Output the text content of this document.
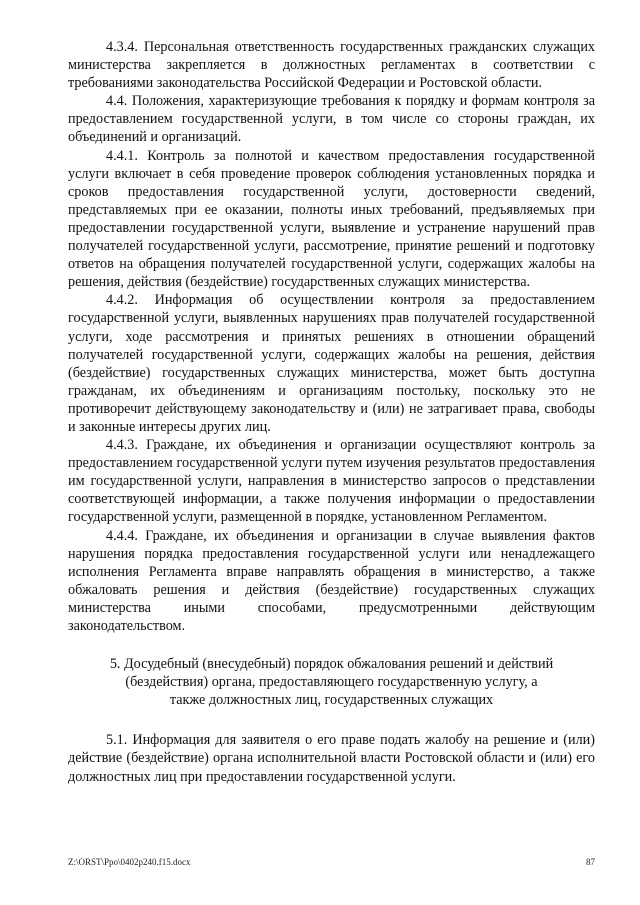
4.3.4. Персональная ответственность государственных гражданских служащих министерства закрепляется в должностных регламентах в соответствии с требованиями законодательства Российской Федерации и Ростовской области.

4.4. Положения, характеризующие требования к порядку и формам контроля за предоставлением государственной услуги, в том числе со стороны граждан, их объединений и организаций.

4.4.1. Контроль за полнотой и качеством предоставления государственной услуги включает в себя проведение проверок соблюдения установленных порядка и сроков предоставления государственной услуги, достоверности сведений, представляемых при ее оказании, полноты иных требований, предъявляемых при предоставлении государственной услуги, выявление и устранение нарушений прав получателей государственной услуги, рассмотрение, принятие решений и подготовку ответов на обращения получателей государственной услуги, содержащих жалобы на решения, действия (бездействие) государственных служащих министерства.

4.4.2. Информация об осуществлении контроля за предоставлением государственной услуги, выявленных нарушениях прав получателей государственной услуги, ходе рассмотрения и принятых решениях в отношении обращений получателей государственной услуги, содержащих жалобы на решения, действия (бездействие) государственных служащих министерства, может быть доступна гражданам, их объединениям и организациям постольку, поскольку это не противоречит действующему законодательству и (или) не затрагивает права, свободы и законные интересы других лиц.

4.4.3. Граждане, их объединения и организации осуществляют контроль за предоставлением государственной услуги путем изучения результатов предоставления им государственной услуги, направления в министерство запросов о представлении соответствующей информации, а также получения информации о предоставлении государственной услуги, размещенной в порядке, установленном Регламентом.

4.4.4. Граждане, их объединения и организации в случае выявления фактов нарушения порядка предоставления государственной услуги или ненадлежащего исполнения Регламента вправе направлять обращения в министерство, а также обжаловать решения и действия (бездействие) государственных служащих министерства иными способами, предусмотренными действующим законодательством.

5. Досудебный (внесудебный) порядок обжалования решений и действий (бездействия) органа, предоставляющего государственную услугу, а также должностных лиц, государственных служащих

5.1. Информация для заявителя о его праве подать жалобу на решение и (или) действие (бездействие) органа исполнительной власти Ростовской области и (или) его должностных лиц при предоставлении государственной услуги.

Z:\ORST\Ppo\0402p240.f15.docx	87
